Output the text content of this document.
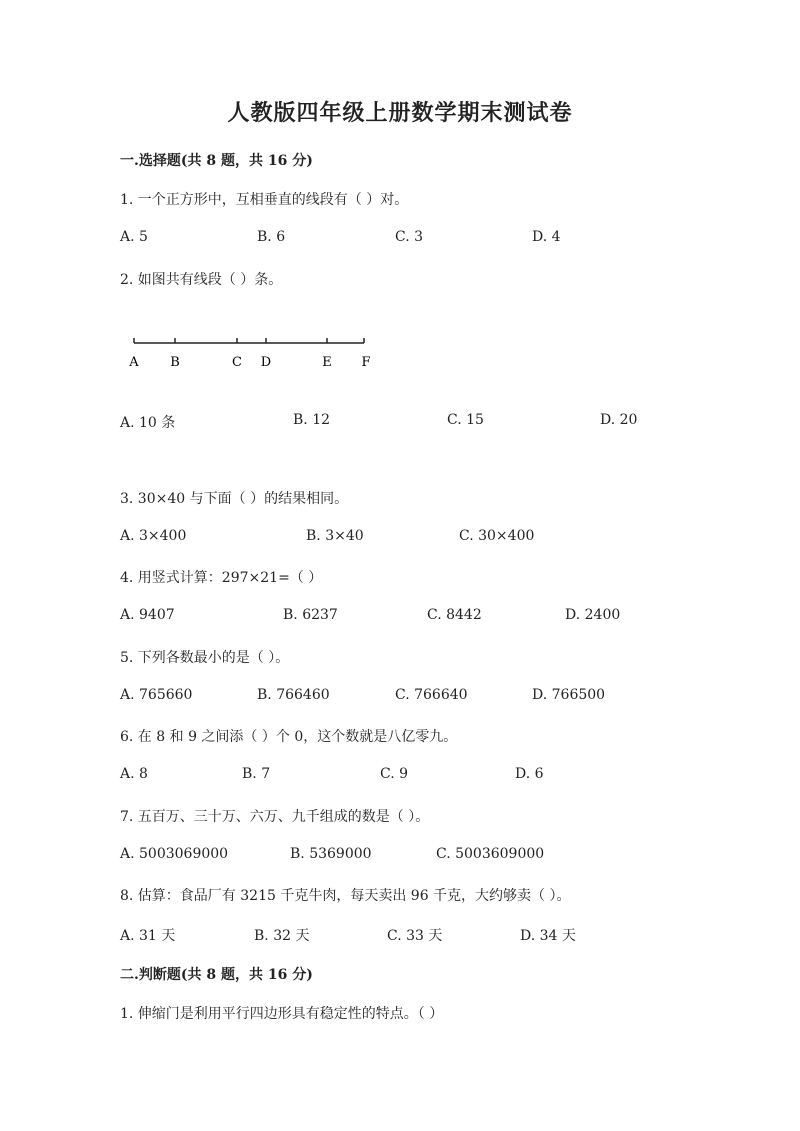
人教版四年级上册数学期末测试卷
一.选择题(共 8 题，共 16 分)
1. 一个正方形中，互相垂直的线段有（ ）对。
A. 5	B. 6	C. 3	D. 4
2. 如图共有线段（ ）条。
A B	C D	E F
A. 10 条	B. 12	C. 15	D. 20
3. 30×40 与下面（ ）的结果相同。
A. 3×400	B. 3×40	C. 30×400
4. 用竖式计算：297×21=（ ）
A. 9407	B. 6237	C. 8442	D. 2400
5. 下列各数最小的是（ ）。
A. 765660	B. 766460	C. 766640	D. 766500
6. 在 8 和 9 之间添（ ）个 0，这个数就是八亿零九。
A. 8	B. 7	C. 9	D. 6
7. 五百万、三十万、六万、九千组成的数是（ ）。
A. 5003069000	B. 5369000	C. 5003609000
8. 估算：食品厂有 3215 千克牛肉，每天卖出 96 千克，大约够卖（ ）。
A. 31 天	B. 32 天	C. 33 天	D. 34 天
二.判断题(共 8 题，共 16 分)
1. 伸缩门是利用平行四边形具有稳定性的特点。（ ）
